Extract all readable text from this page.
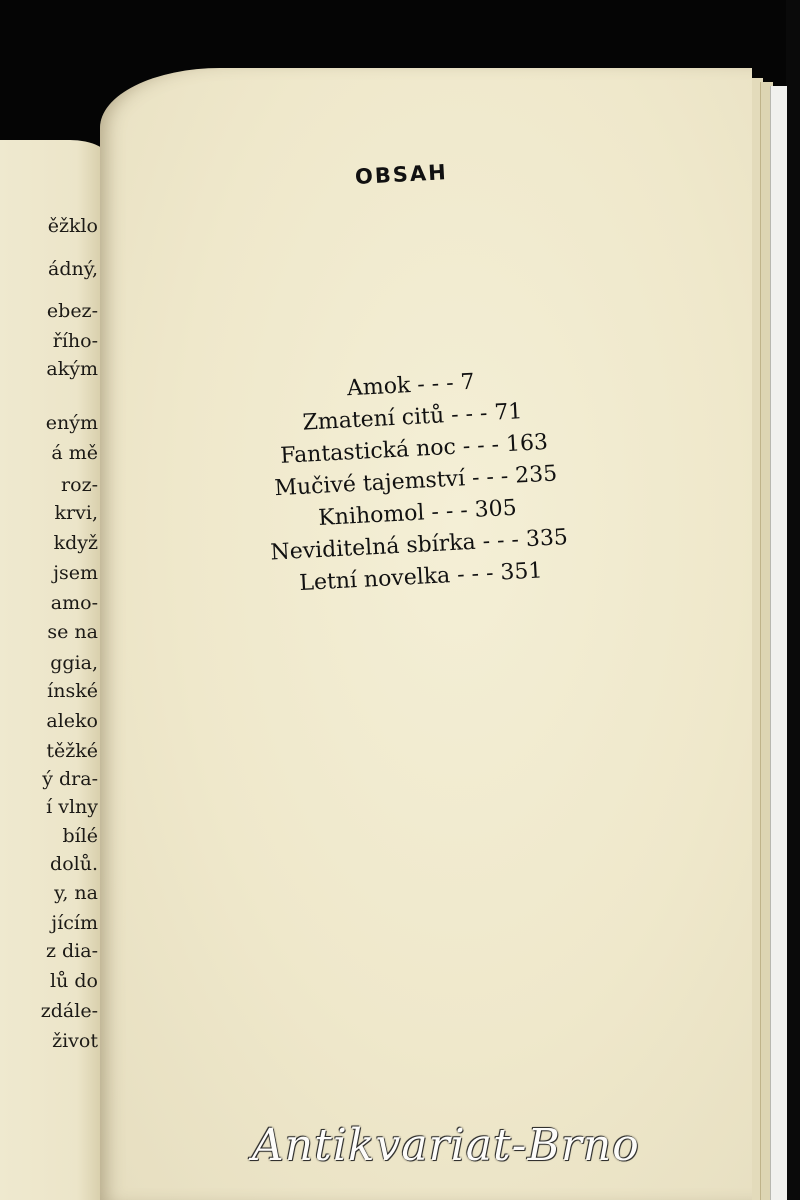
ěžklo
ádný,
ebez-
řího-
akým
eným
á mě
roz-
krvi,
když
jsem
amo-
se na
ggia,
ínské
aleko
těžké
ý dra-
í vlny
bílé
dolů.
y, na
jícím
z dia-
lů do
zdále-
život
OBSAH
Amok - - - 7
Zmatení citů - - - 71
Fantastická noc - - - 163
Mučivé tajemství - - - 235
Knihomol - - - 305
Neviditelná sbírka - - - 335
Letní novelka - - - 351
Antikvariat-Brno
